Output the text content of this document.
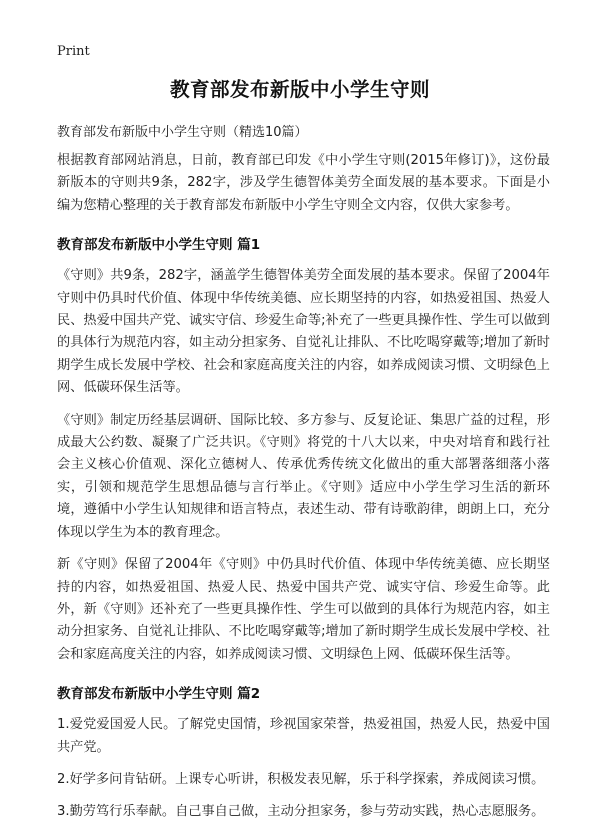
Print
教育部发布新版中小学生守则

教育部发布新版中小学生守则（精选10篇）

根据教育部网站消息，日前，教育部已印发《中小学生守则(2015年修订)》，这份最新版本的守则共9条，282字，涉及学生德智体美劳全面发展的基本要求。下面是小编为您精心整理的关于教育部发布新版中小学生守则全文内容，仅供大家参考。

教育部发布新版中小学生守则 篇1

《守则》共9条，282字，涵盖学生德智体美劳全面发展的基本要求。保留了2004年守则中仍具时代价值、体现中华传统美德、应长期坚持的内容，如热爱祖国、热爱人民、热爱中国共产党、诚实守信、珍爱生命等;补充了一些更具操作性、学生可以做到的具体行为规范内容，如主动分担家务、自觉礼让排队、不比吃喝穿戴等;增加了新时期学生成长发展中学校、社会和家庭高度关注的内容，如养成阅读习惯、文明绿色上网、低碳环保生活等。

《守则》制定历经基层调研、国际比较、多方参与、反复论证、集思广益的过程，形成最大公约数、凝聚了广泛共识。《守则》将党的十八大以来，中央对培育和践行社会主义核心价值观、深化立德树人、传承优秀传统文化做出的重大部署落细落小落实，引领和规范学生思想品德与言行举止。《守则》适应中小学生学习生活的新环境，遵循中小学生认知规律和语言特点，表述生动、带有诗歌韵律，朗朗上口，充分体现以学生为本的教育理念。

新《守则》保留了2004年《守则》中仍具时代价值、体现中华传统美德、应长期坚持的内容，如热爱祖国、热爱人民、热爱中国共产党、诚实守信、珍爱生命等。此外，新《守则》还补充了一些更具操作性、学生可以做到的具体行为规范内容，如主动分担家务、自觉礼让排队、不比吃喝穿戴等;增加了新时期学生成长发展中学校、社会和家庭高度关注的内容，如养成阅读习惯、文明绿色上网、低碳环保生活等。

教育部发布新版中小学生守则 篇2

1.爱党爱国爱人民。了解党史国情，珍视国家荣誉，热爱祖国，热爱人民，热爱中国共产党。

2.好学多问肯钻研。上课专心听讲，积极发表见解，乐于科学探索，养成阅读习惯。

3.勤劳笃行乐奉献。自己事自己做，主动分担家务，参与劳动实践，热心志愿服务。
